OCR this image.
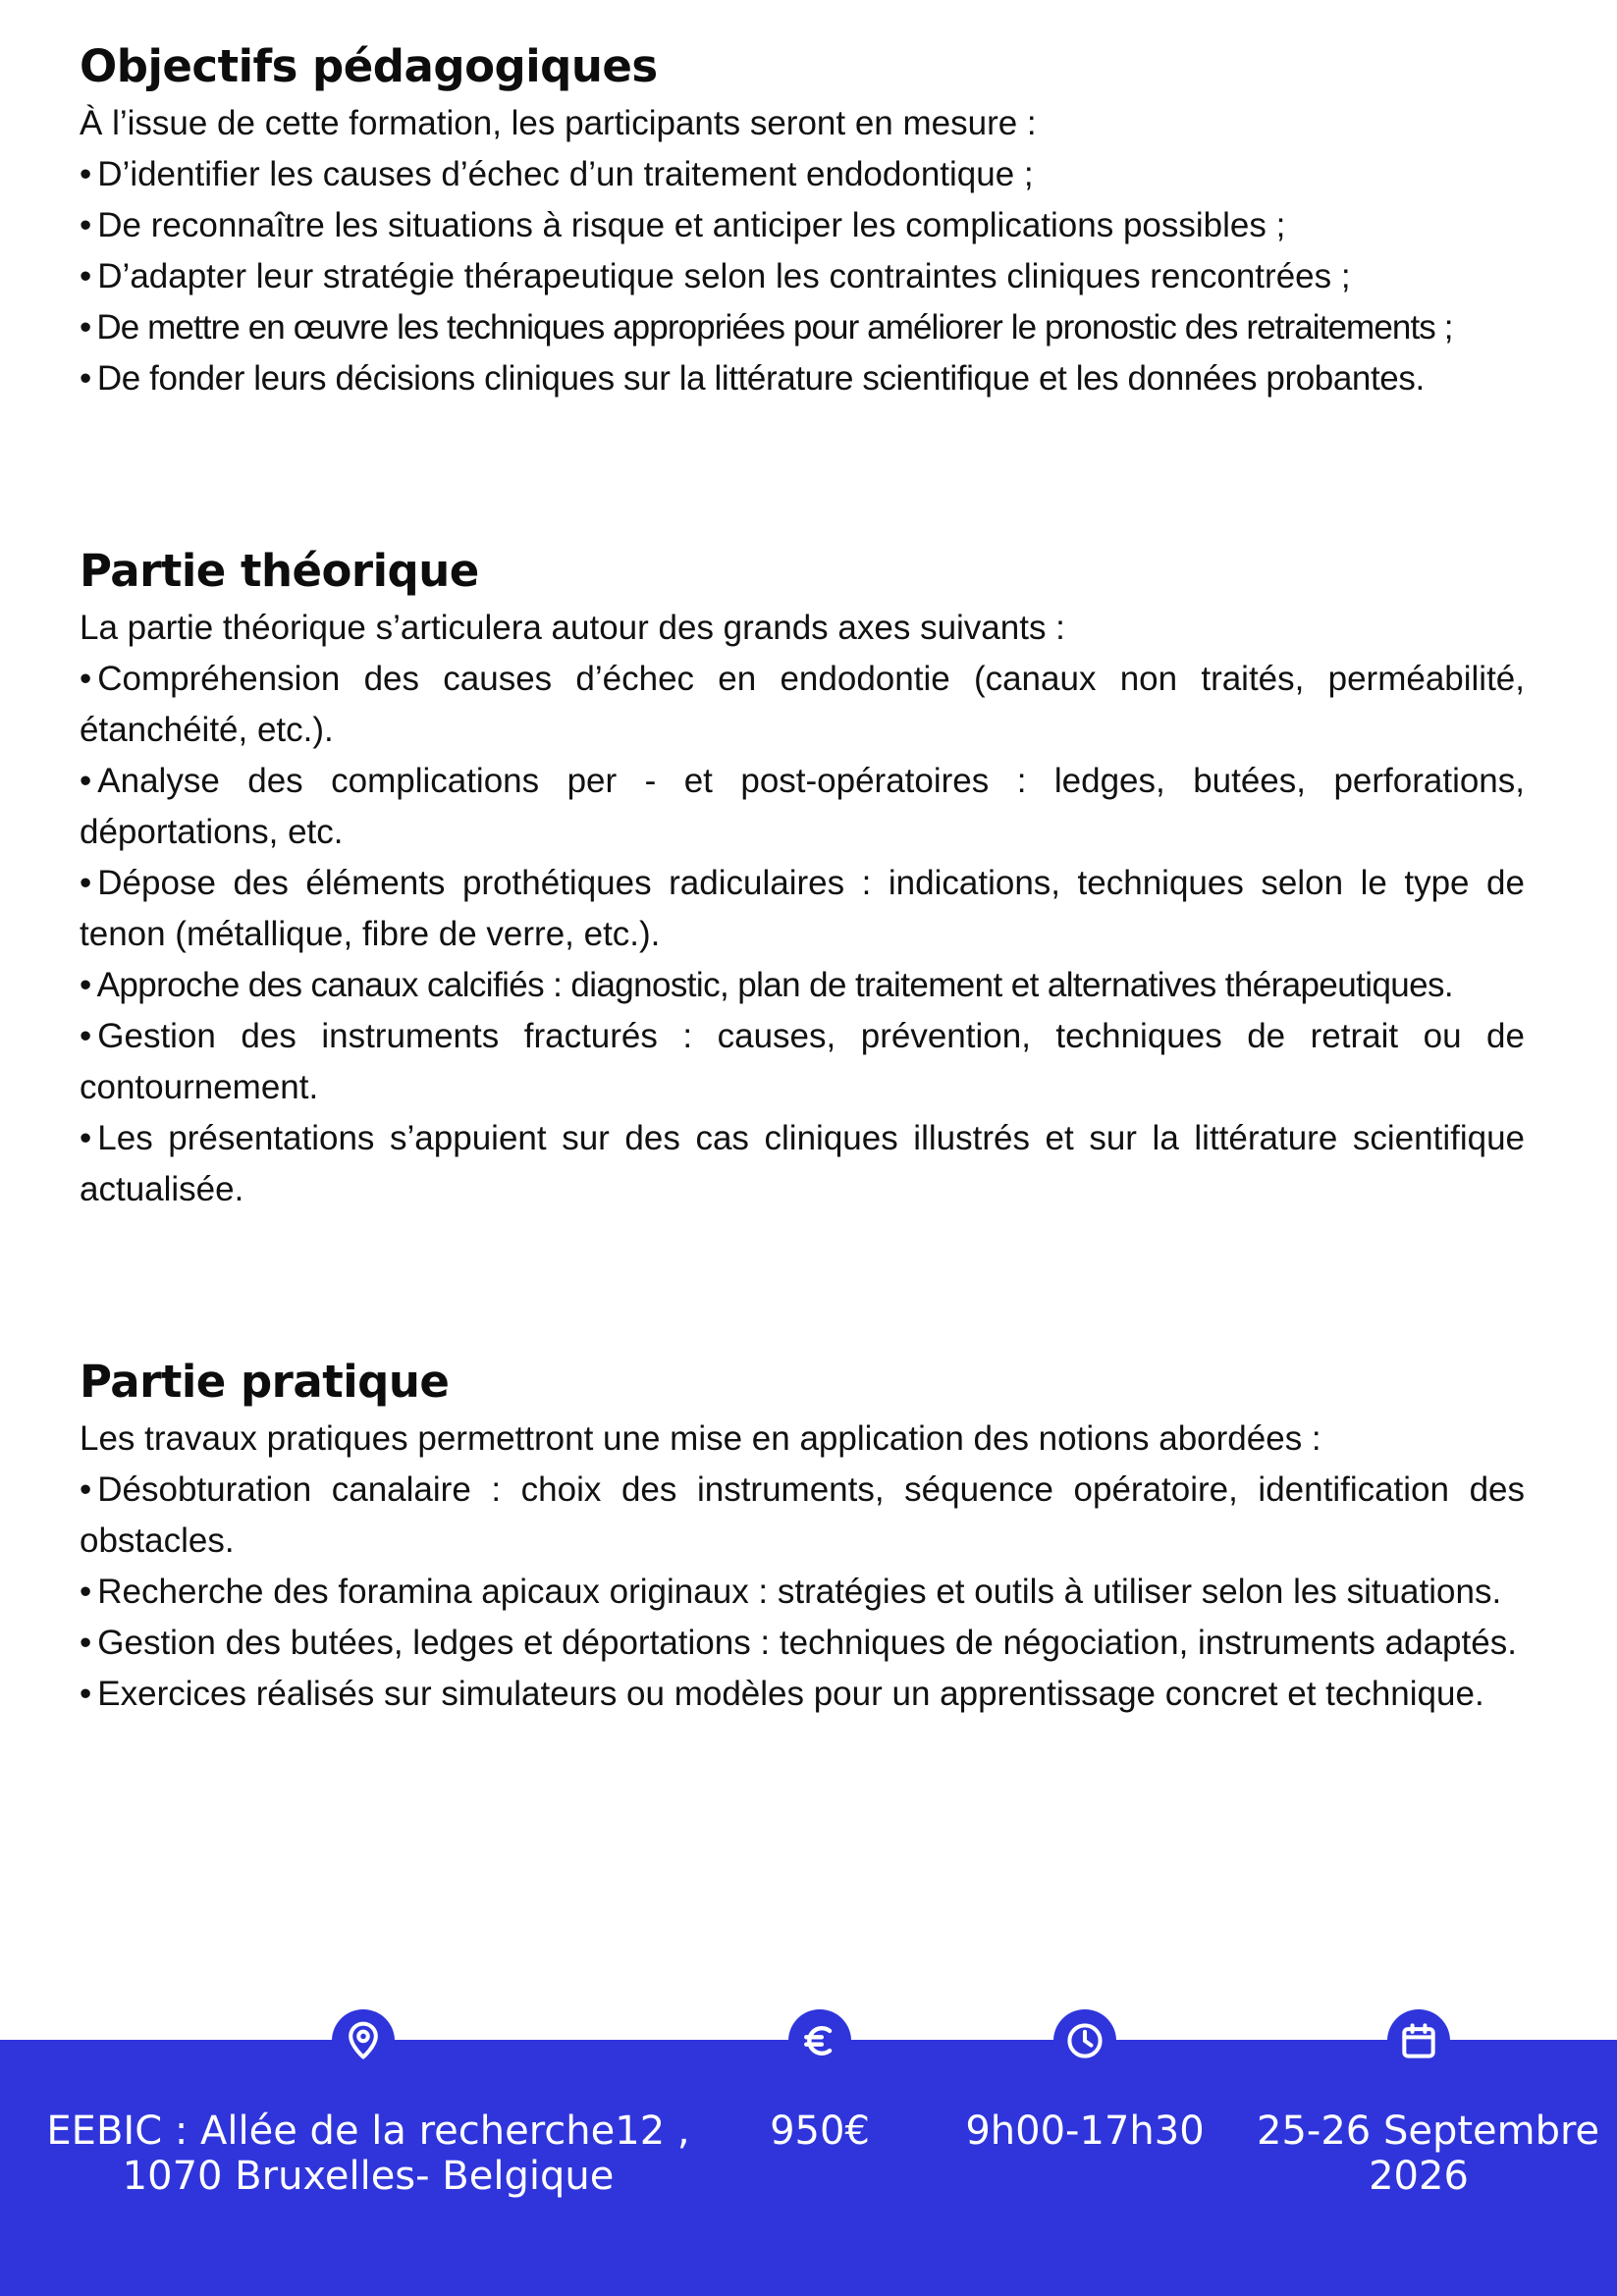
Objectifs pédagogiques

À l’issue de cette formation, les participants seront en mesure :

• D’identifier les causes d’échec d’un traitement endodontique ;

• De reconnaître les situations à risque et anticiper les complications possibles ;

• D’adapter leur stratégie thérapeutique selon les contraintes cliniques rencontrées ;

• De mettre en œuvre les techniques appropriées pour améliorer le pronostic des retraitements ;

• De fonder leurs décisions cliniques sur la littérature scientifique et les données probantes.

Partie théorique

La partie théorique s’articulera autour des grands axes suivants :

• Compréhension des causes d’échec en endodontie (canaux non traités, perméabilité, étanchéité, etc.).

• Analyse des complications per - et post-opératoires : ledges, butées, perforations, déportations, etc.

• Dépose des éléments prothétiques radiculaires : indications, techniques selon le type de tenon (métallique, fibre de verre, etc.).

• Approche des canaux calcifiés : diagnostic, plan de traitement et alternatives thérapeutiques.

• Gestion des instruments fracturés : causes, prévention, techniques de retrait ou de contournement.

• Les présentations s’appuient sur des cas cliniques illustrés et sur la littérature scientifique actualisée.

Partie pratique

Les travaux pratiques permettront une mise en application des notions abordées :

• Désobturation canalaire : choix des instruments, séquence opératoire, identification des obstacles.

• Recherche des foramina apicaux originaux : stratégies et outils à utiliser selon les situations.

• Gestion des butées, ledges et déportations : techniques de négociation, instruments adaptés.

• Exercices réalisés sur simulateurs ou modèles pour un apprentissage concret et technique.

EEBIC : Allée de la recherche12 ,
1070 Bruxelles- Belgique
950€	9h00-17h30	25-26 Septembre
2026
